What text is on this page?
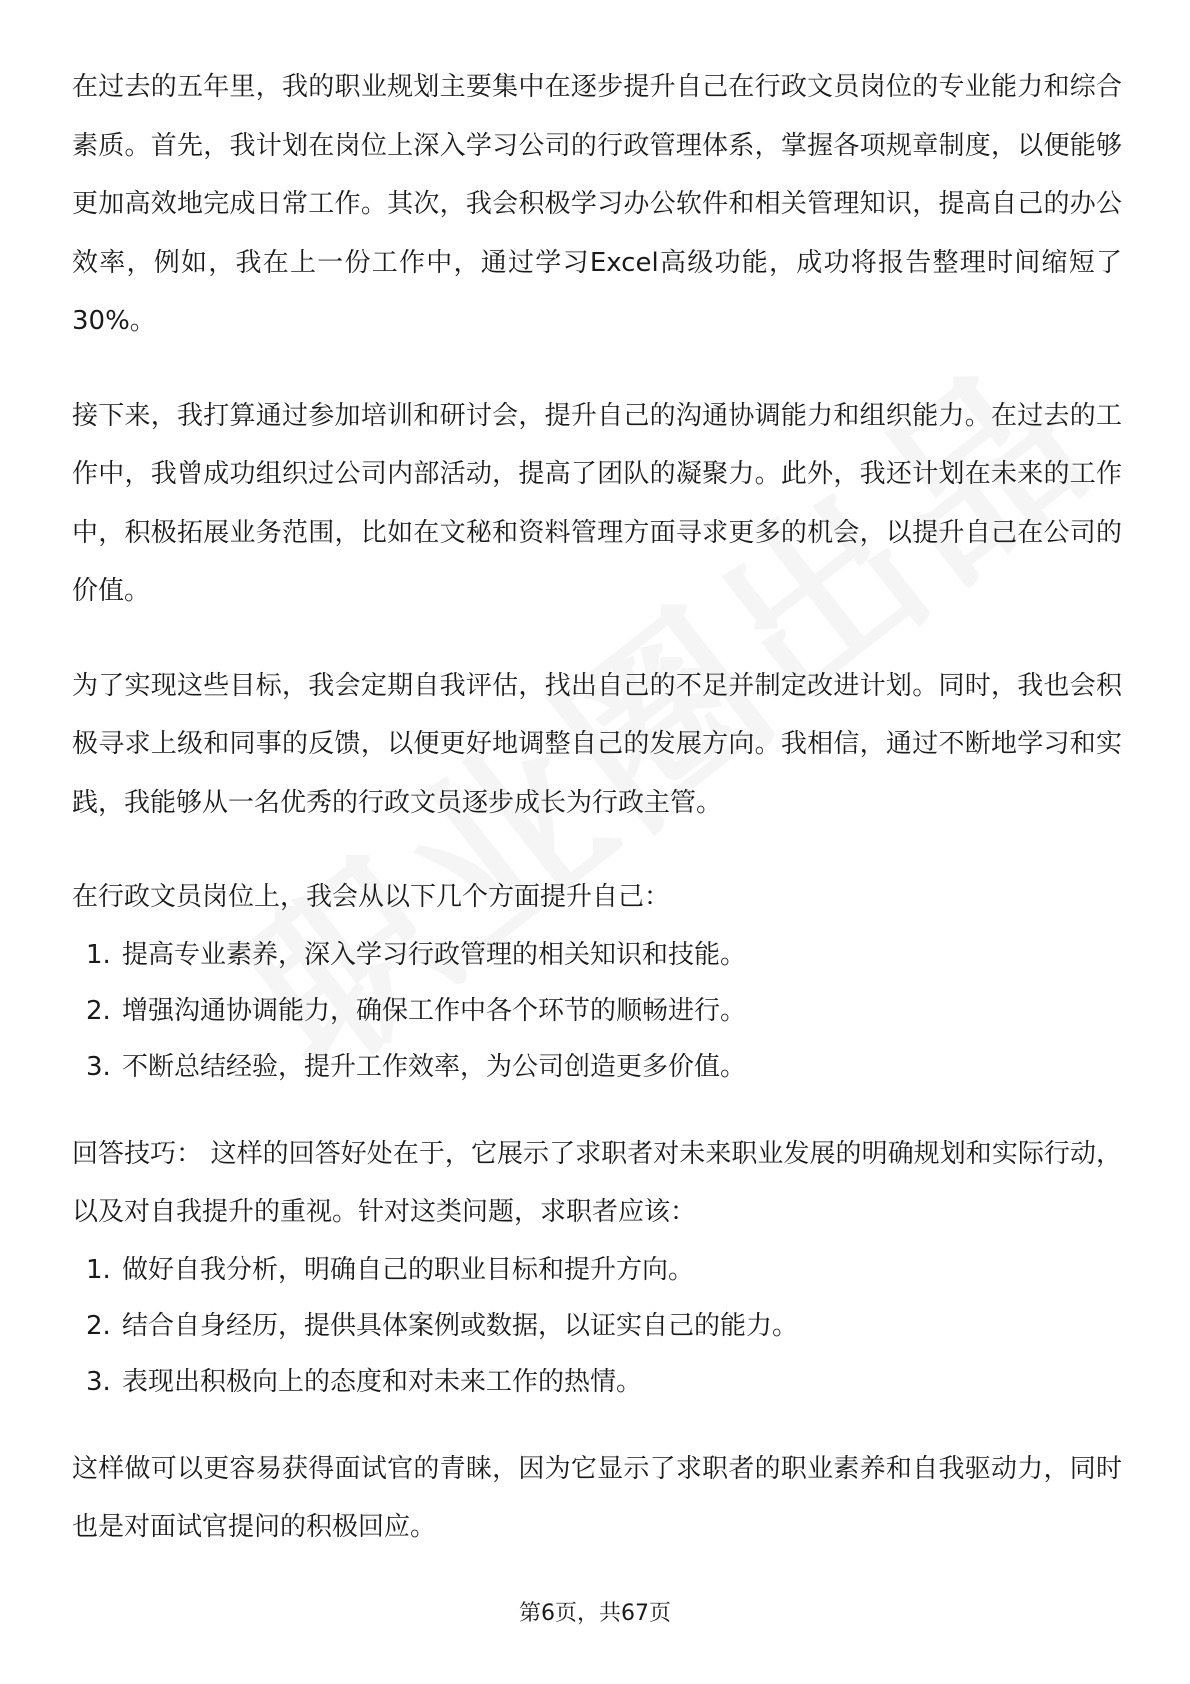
在过去的五年里，我的职业规划主要集中在逐步提升自己在行政文员岗位的专业能力和综合素质。首先，我计划在岗位上深入学习公司的行政管理体系，掌握各项规章制度，以便能够更加高效地完成日常工作。其次，我会积极学习办公软件和相关管理知识，提高自己的办公效率，例如，我在上一份工作中，通过学习Excel高级功能，成功将报告整理时间缩短了30%。

接下来，我打算通过参加培训和研讨会，提升自己的沟通协调能力和组织能力。在过去的工作中，我曾成功组织过公司内部活动，提高了团队的凝聚力。此外，我还计划在未来的工作中，积极拓展业务范围，比如在文秘和资料管理方面寻求更多的机会，以提升自己在公司的价值。

为了实现这些目标，我会定期自我评估，找出自己的不足并制定改进计划。同时，我也会积极寻求上级和同事的反馈，以便更好地调整自己的发展方向。我相信，通过不断地学习和实践，我能够从一名优秀的行政文员逐步成长为行政主管。

在行政文员岗位上，我会从以下几个方面提升自己：

1. 提高专业素养，深入学习行政管理的相关知识和技能。
2. 增强沟通协调能力，确保工作中各个环节的顺畅进行。
3. 不断总结经验，提升工作效率，为公司创造更多价值。

回答技巧： 这样的回答好处在于，它展示了求职者对未来职业发展的明确规划和实际行动，以及对自我提升的重视。针对这类问题，求职者应该：

1. 做好自我分析，明确自己的职业目标和提升方向。
2. 结合自身经历，提供具体案例或数据，以证实自己的能力。
3. 表现出积极向上的态度和对未来工作的热情。

这样做可以更容易获得面试官的青睐，因为它显示了求职者的职业素养和自我驱动力，同时也是对面试官提问的积极回应。

第6页，共67页
